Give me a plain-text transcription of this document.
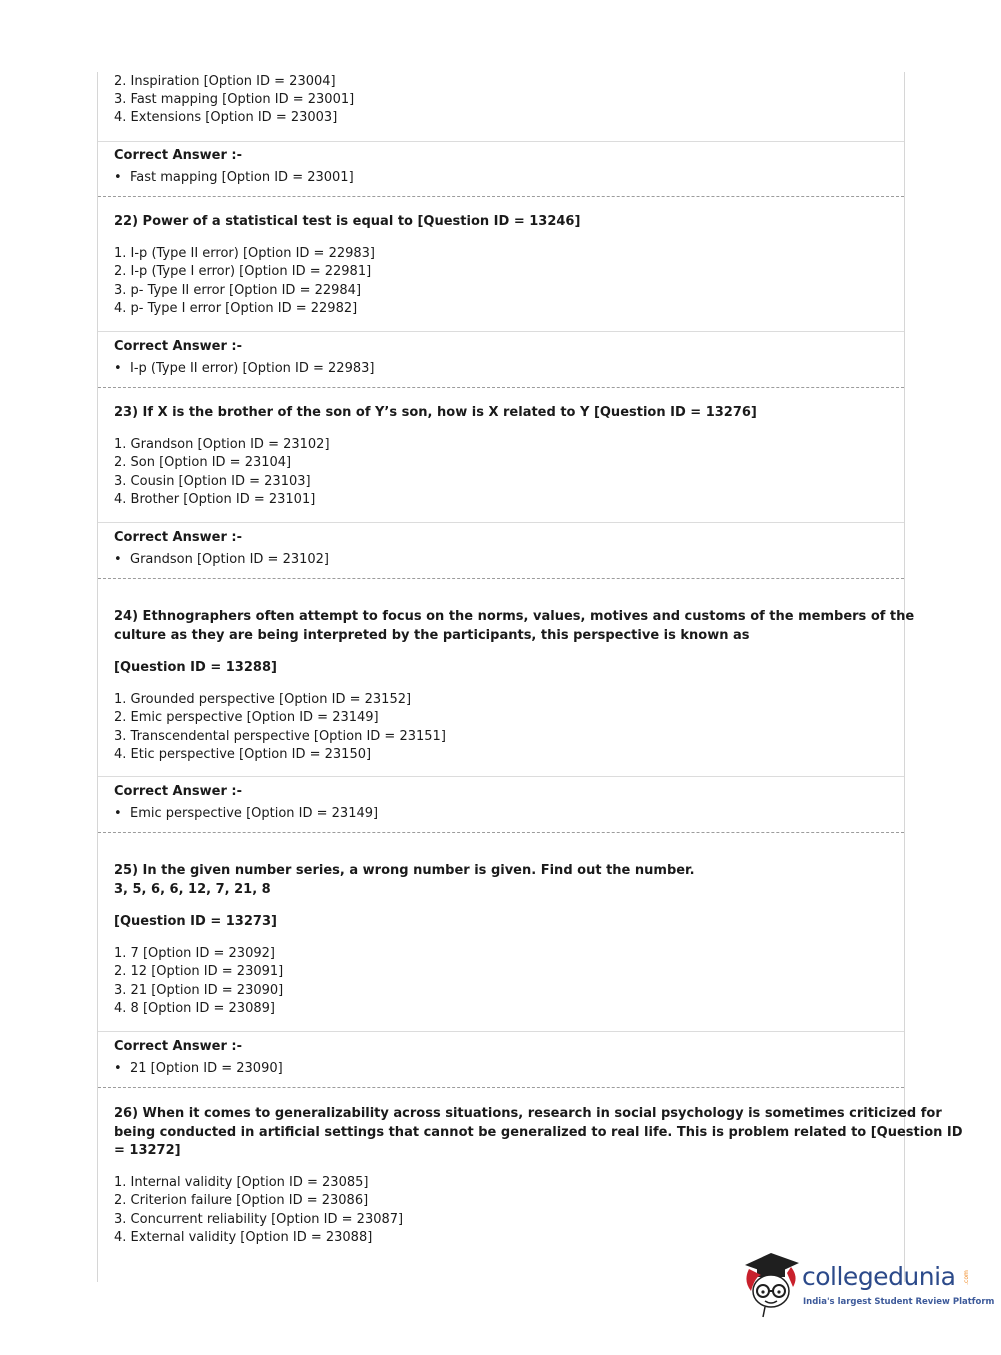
2. Inspiration [Option ID = 23004]
3. Fast mapping [Option ID = 23001]
4. Extensions [Option ID = 23003]
Correct Answer :-
• Fast mapping [Option ID = 23001]
22) Power of a statistical test is equal to [Question ID = 13246]
1. I-p (Type II error) [Option ID = 22983]
2. I-p (Type I error) [Option ID = 22981]
3. p- Type II error [Option ID = 22984]
4. p- Type I error [Option ID = 22982]
Correct Answer :-
• I-p (Type II error) [Option ID = 22983]
23) If X is the brother of the son of Y’s son, how is X related to Y [Question ID = 13276]
1. Grandson [Option ID = 23102]
2. Son [Option ID = 23104]
3. Cousin [Option ID = 23103]
4. Brother [Option ID = 23101]
Correct Answer :-
• Grandson [Option ID = 23102]
24) Ethnographers often attempt to focus on the norms, values, motives and customs of the members of the
culture as they are being interpreted by the participants, this perspective is known as
[Question ID = 13288]
1. Grounded perspective [Option ID = 23152]
2. Emic perspective [Option ID = 23149]
3. Transcendental perspective [Option ID = 23151]
4. Etic perspective [Option ID = 23150]
Correct Answer :-
• Emic perspective [Option ID = 23149]
25) In the given number series, a wrong number is given. Find out the number.
3, 5, 6, 6, 12, 7, 21, 8
[Question ID = 13273]
1. 7 [Option ID = 23092]
2. 12 [Option ID = 23091]
3. 21 [Option ID = 23090]
4. 8 [Option ID = 23089]
Correct Answer :-
• 21 [Option ID = 23090]
26) When it comes to generalizability across situations, research in social psychology is sometimes criticized for
being conducted in artificial settings that cannot be generalized to real life. This is problem related to [Question ID
= 13272]
1. Internal validity [Option ID = 23085]
2. Criterion failure [Option ID = 23086]
3. Concurrent reliability [Option ID = 23087]
4. External validity [Option ID = 23088]
collegedunia .com
India's largest Student Review Platform
